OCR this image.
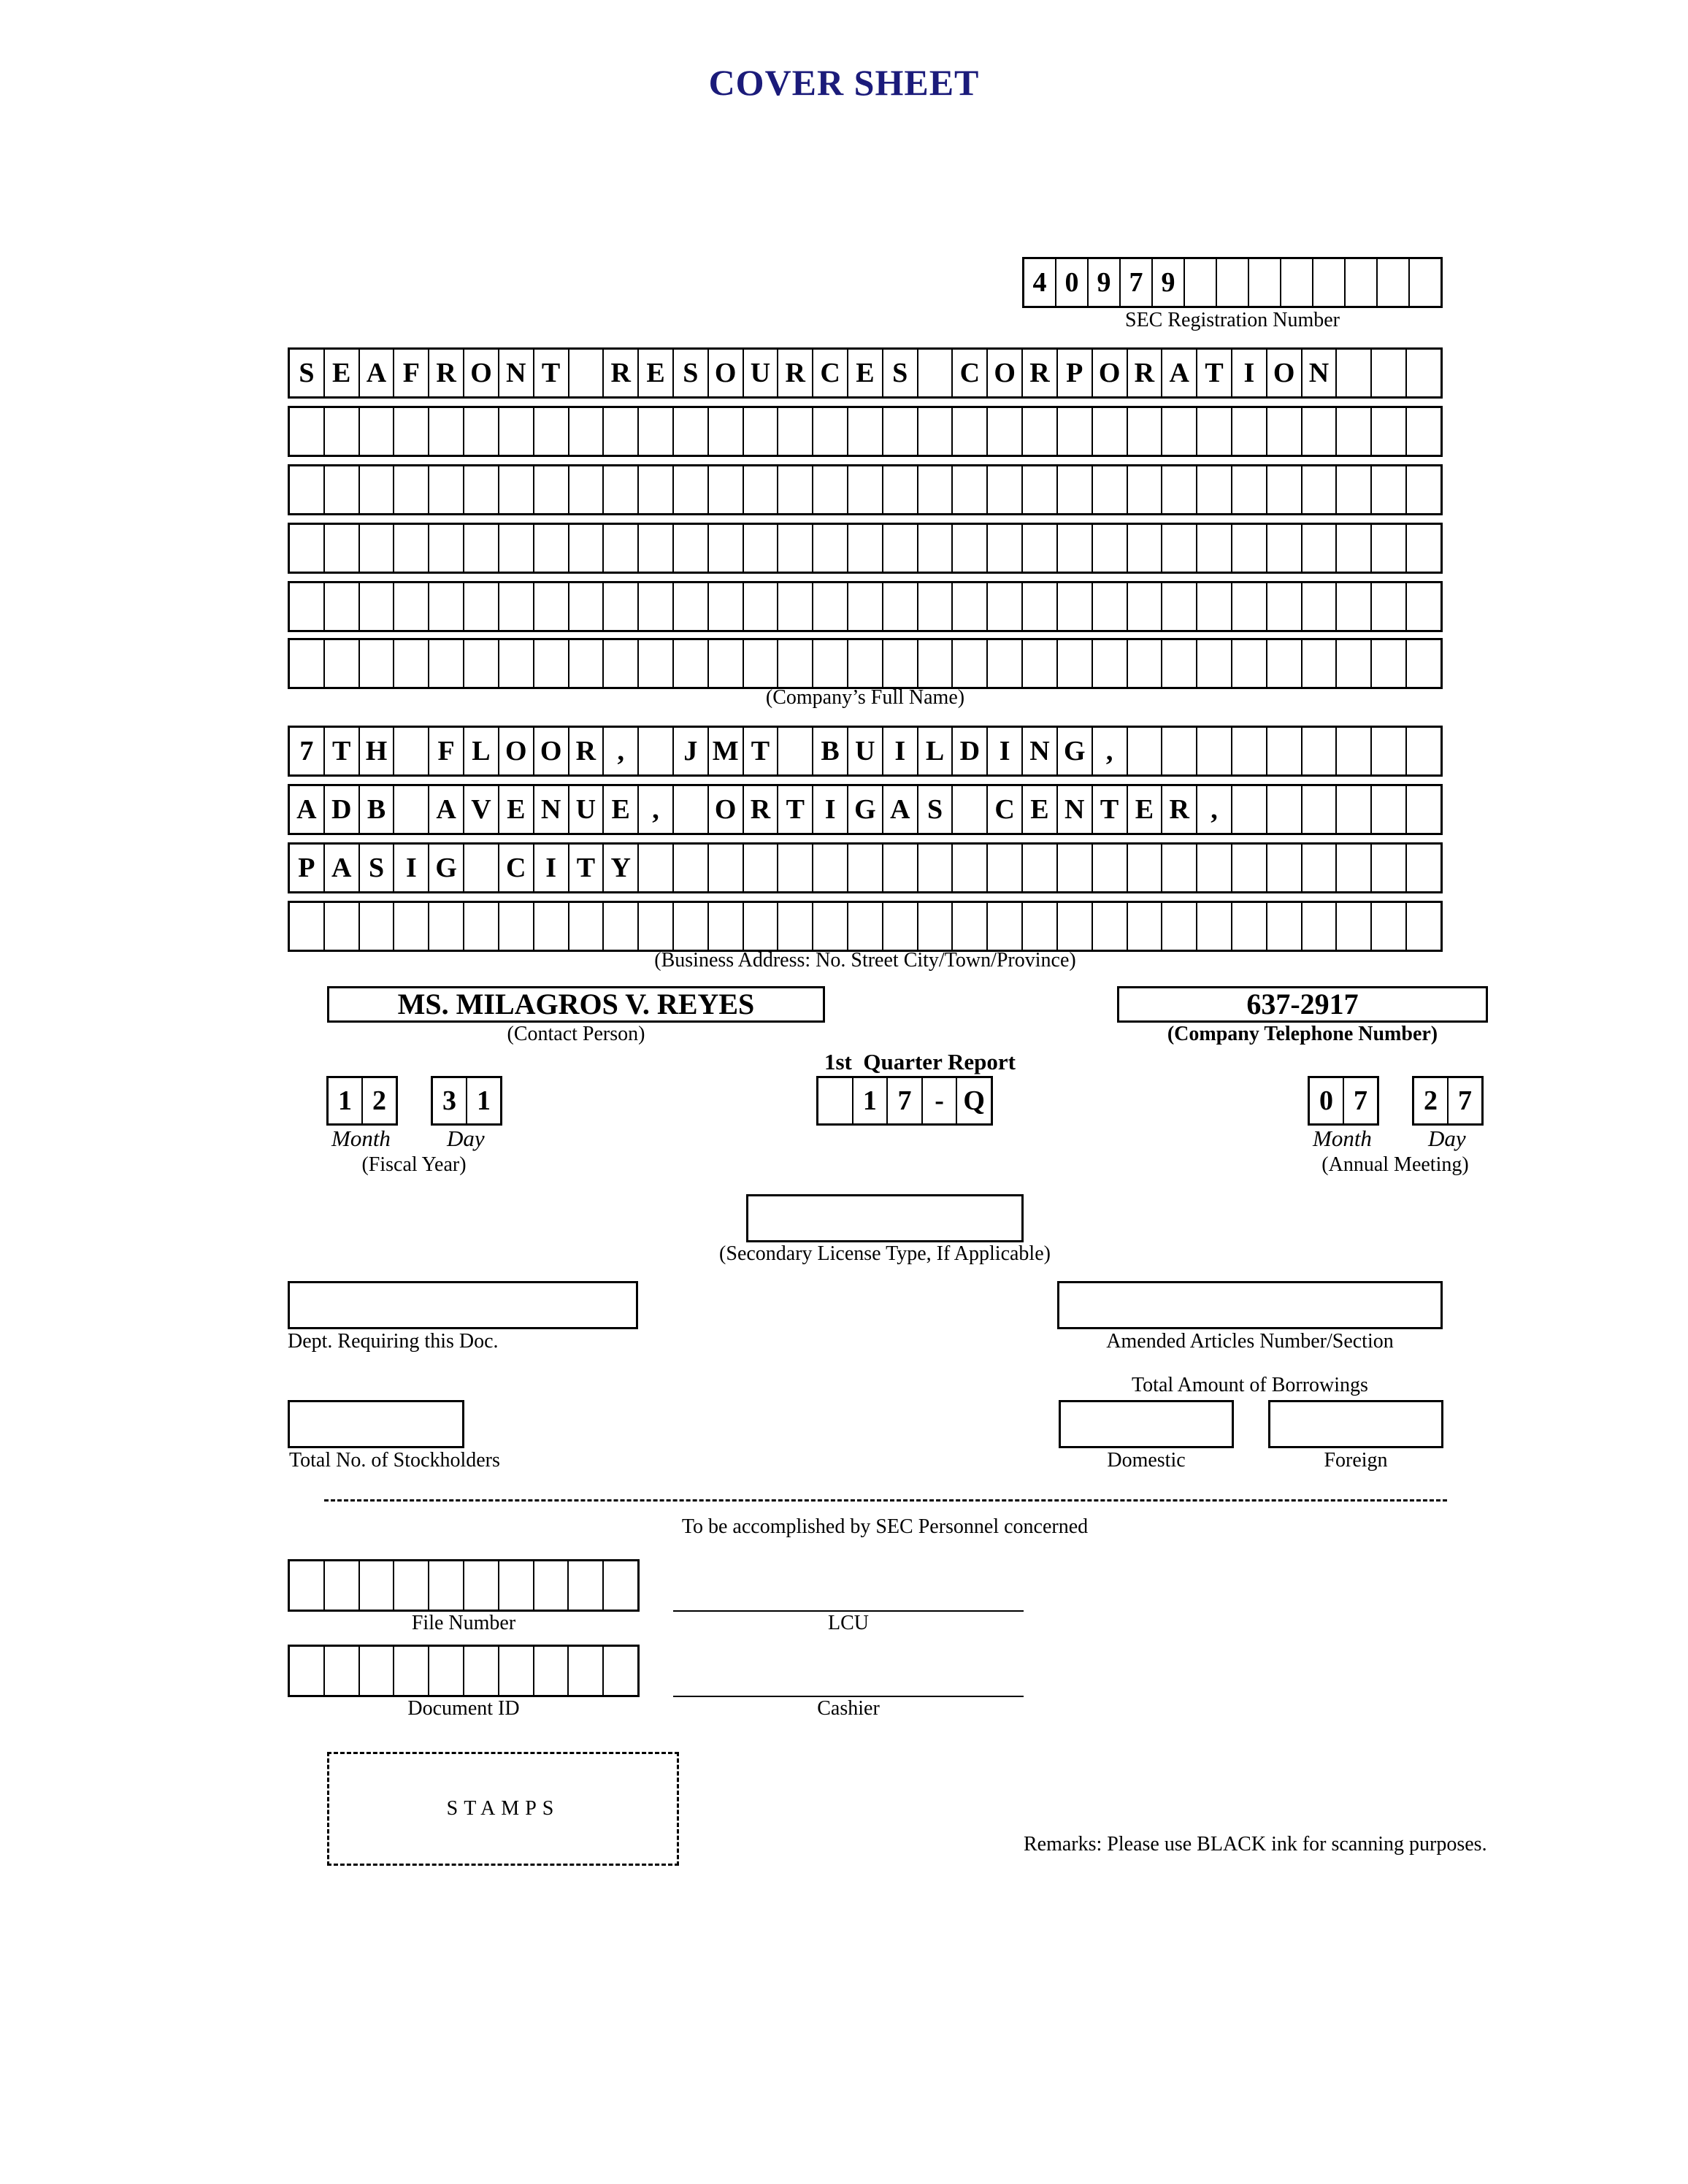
COVER SHEET
4 0 9 7 9
SEC Registration Number
S E A F R O N T	R E S O U R C E S	C O R P O R A T I O N
(Company’s Full Name)
7 T H F L O O R ,	J M T	B U I L D I N G ,
A D B	A V E N U E ,	O R T I G A S	C E N T E R ,
P A S I G C I T Y
(Business Address: No. Street City/Town/Province)
MS. MILAGROS V. REYES
(Contact Person)
637-2917
(Company Telephone Number)
1 2	3 1
Month Day
(Fiscal Year)
1st  Quarter Report
1 7 - Q	0 7	2 7
Month Day
(Annual Meeting)
(Secondary License Type, If Applicable)
Dept. Requiring this Doc.	Amended Articles Number/Section
Total Amount of Borrowings
Domestic	Foreign
Total No. of Stockholders
To be accomplished by SEC Personnel concerned
File Number	LCU
Document ID	Cashier
STAMPS
Remarks: Please use BLACK ink for scanning purposes.
